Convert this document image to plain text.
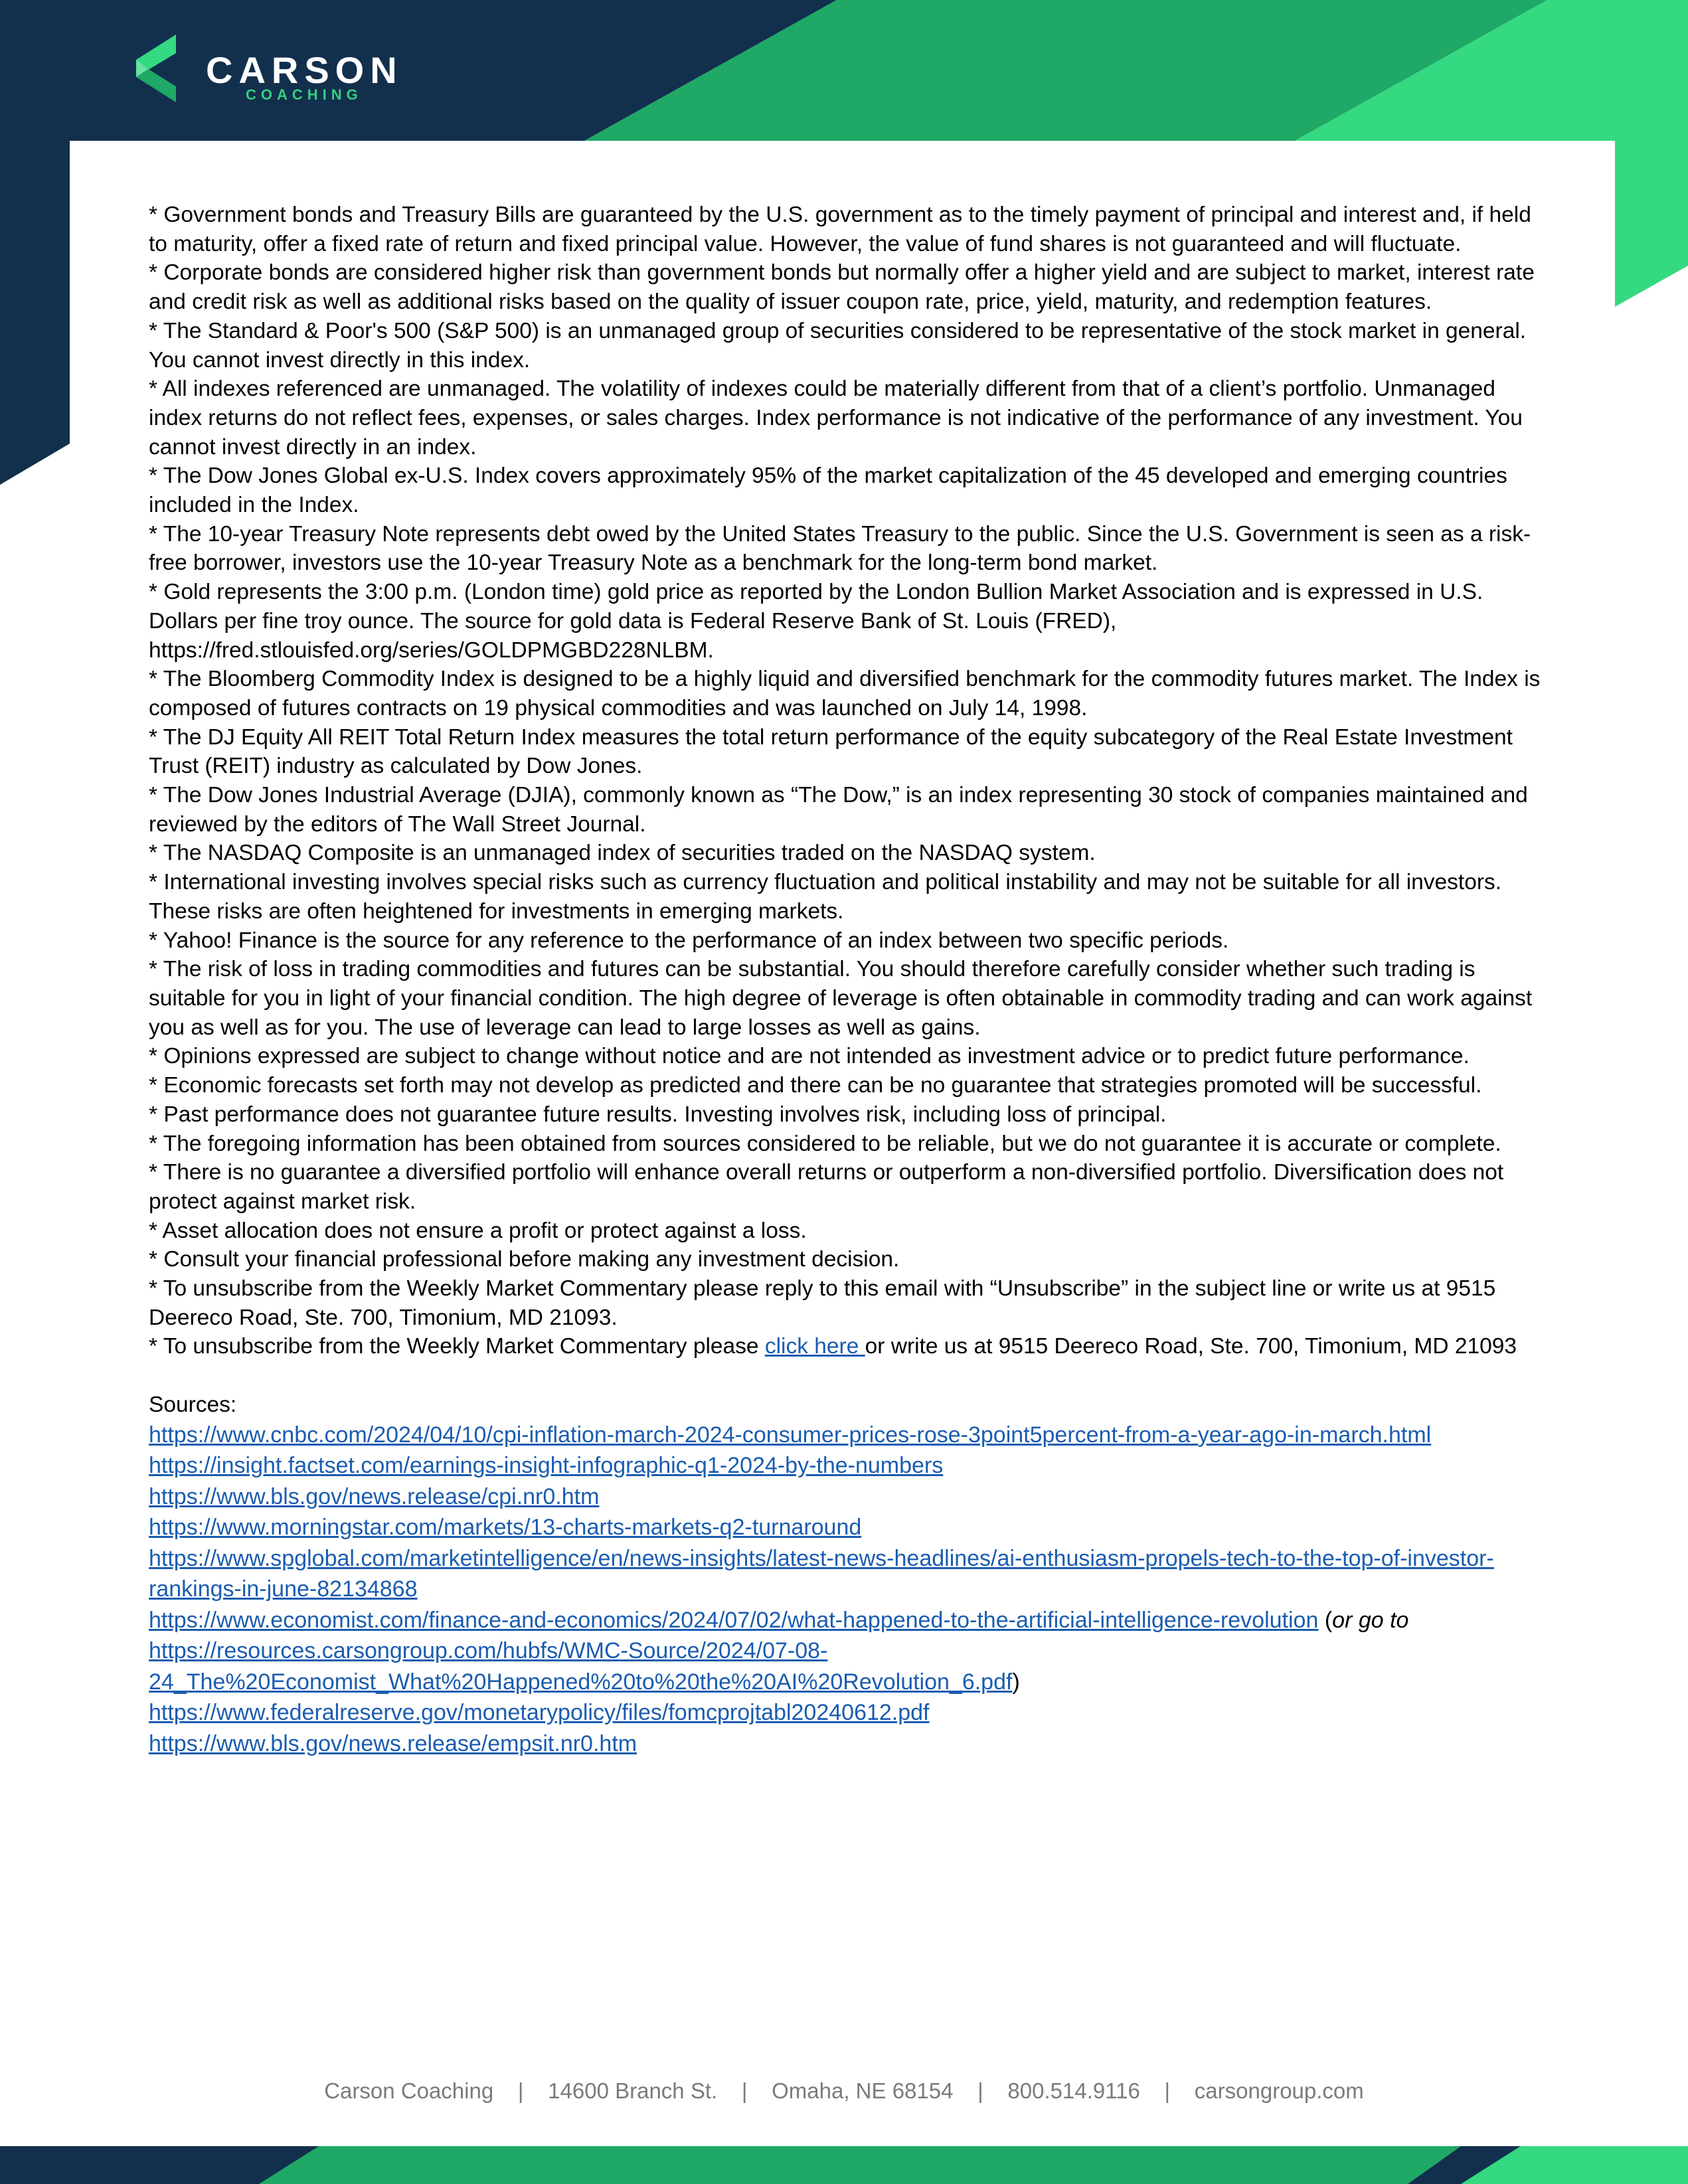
CARSON
COACHING

* Government bonds and Treasury Bills are guaranteed by the U.S. government as to the timely payment of principal and interest and, if held to maturity, offer a fixed rate of return and fixed principal value. However, the value of fund shares is not guaranteed and will fluctuate.

* Corporate bonds are considered higher risk than government bonds but normally offer a higher yield and are subject to market, interest rate and credit risk as well as additional risks based on the quality of issuer coupon rate, price, yield, maturity, and redemption features.

* The Standard & Poor's 500 (S&P 500) is an unmanaged group of securities considered to be representative of the stock market in general. You cannot invest directly in this index.

* All indexes referenced are unmanaged. The volatility of indexes could be materially different from that of a client’s portfolio. Unmanaged index returns do not reflect fees, expenses, or sales charges. Index performance is not indicative of the performance of any investment. You cannot invest directly in an index.

* The Dow Jones Global ex-U.S. Index covers approximately 95% of the market capitalization of the 45 developed and emerging countries included in the Index.

* The 10-year Treasury Note represents debt owed by the United States Treasury to the public. Since the U.S. Government is seen as a risk-free borrower, investors use the 10-year Treasury Note as a benchmark for the long-term bond market.

* Gold represents the 3:00 p.m. (London time) gold price as reported by the London Bullion Market Association and is expressed in U.S. Dollars per fine troy ounce. The source for gold data is Federal Reserve Bank of St. Louis (FRED), https://fred.stlouisfed.org/series/GOLDPMGBD228NLBM.

* The Bloomberg Commodity Index is designed to be a highly liquid and diversified benchmark for the commodity futures market. The Index is composed of futures contracts on 19 physical commodities and was launched on July 14, 1998.

* The DJ Equity All REIT Total Return Index measures the total return performance of the equity subcategory of the Real Estate Investment Trust (REIT) industry as calculated by Dow Jones.

* The Dow Jones Industrial Average (DJIA), commonly known as “The Dow,” is an index representing 30 stock of companies maintained and reviewed by the editors of The Wall Street Journal.

* The NASDAQ Composite is an unmanaged index of securities traded on the NASDAQ system.

* International investing involves special risks such as currency fluctuation and political instability and may not be suitable for all investors. These risks are often heightened for investments in emerging markets.

* Yahoo! Finance is the source for any reference to the performance of an index between two specific periods.

* The risk of loss in trading commodities and futures can be substantial. You should therefore carefully consider whether such trading is suitable for you in light of your financial condition. The high degree of leverage is often obtainable in commodity trading and can work against you as well as for you. The use of leverage can lead to large losses as well as gains.

* Opinions expressed are subject to change without notice and are not intended as investment advice or to predict future performance.

* Economic forecasts set forth may not develop as predicted and there can be no guarantee that strategies promoted will be successful.

* Past performance does not guarantee future results. Investing involves risk, including loss of principal.

* The foregoing information has been obtained from sources considered to be reliable, but we do not guarantee it is accurate or complete.

* There is no guarantee a diversified portfolio will enhance overall returns or outperform a non-diversified portfolio. Diversification does not protect against market risk.

* Asset allocation does not ensure a profit or protect against a loss.

* Consult your financial professional before making any investment decision.

* To unsubscribe from the Weekly Market Commentary please reply to this email with “Unsubscribe” in the subject line or write us at 9515 Deereco Road, Ste. 700, Timonium, MD 21093.

* To unsubscribe from the Weekly Market Commentary please click here or write us at 9515 Deereco Road, Ste. 700, Timonium, MD 21093

Sources:

https://www.cnbc.com/2024/04/10/cpi-inflation-march-2024-consumer-prices-rose-3point5percent-from-a-year-ago-in-march.html
https://insight.factset.com/earnings-insight-infographic-q1-2024-by-the-numbers
https://www.bls.gov/news.release/cpi.nr0.htm
https://www.morningstar.com/markets/13-charts-markets-q2-turnaround
https://www.spglobal.com/marketintelligence/en/news-insights/latest-news-headlines/ai-enthusiasm-propels-tech-to-the-top-of-investor-rankings-in-june-82134868
https://www.economist.com/finance-and-economics/2024/07/02/what-happened-to-the-artificial-intelligence-revolution (or go to
https://resources.carsongroup.com/hubfs/WMC-Source/2024/07-08-24_The%20Economist_What%20Happened%20to%20the%20AI%20Revolution_6.pdf)
https://www.federalreserve.gov/monetarypolicy/files/fomcprojtabl20240612.pdf
https://www.bls.gov/news.release/empsit.nr0.htm
Carson Coaching | 14600 Branch St. | Omaha, NE 68154 | 800.514.9116 | carsongroup.com
